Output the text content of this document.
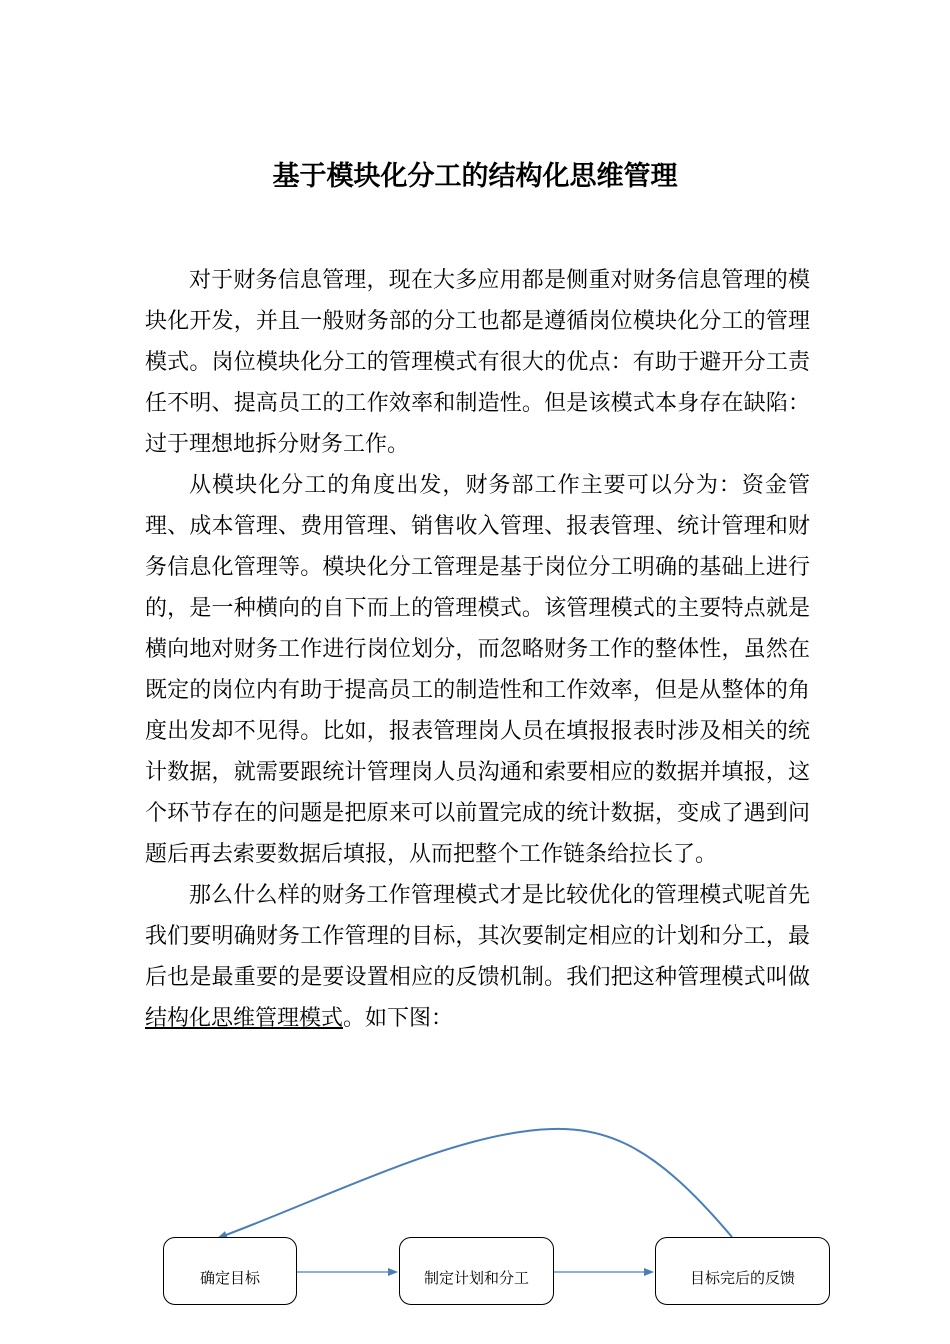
基于模块化分工的结构化思维管理

对于财务信息管理，现在大多应用都是侧重对财务信息管理的模块化开发，并且一般财务部的分工也都是遵循岗位模块化分工的管理模式。岗位模块化分工的管理模式有很大的优点：有助于避开分工责任不明、提高员工的工作效率和制造性。但是该模式本身存在缺陷：过于理想地拆分财务工作。

从模块化分工的角度出发，财务部工作主要可以分为：资金管理、成本管理、费用管理、销售收入管理、报表管理、统计管理和财务信息化管理等。模块化分工管理是基于岗位分工明确的基础上进行的，是一种横向的自下而上的管理模式。该管理模式的主要特点就是横向地对财务工作进行岗位划分，而忽略财务工作的整体性，虽然在既定的岗位内有助于提高员工的制造性和工作效率，但是从整体的角度出发却不见得。比如，报表管理岗人员在填报报表时涉及相关的统计数据，就需要跟统计管理岗人员沟通和索要相应的数据并填报，这个环节存在的问题是把原来可以前置完成的统计数据，变成了遇到问题后再去索要数据后填报，从而把整个工作链条给拉长了。

那么什么样的财务工作管理模式才是比较优化的管理模式呢首先我们要明确财务工作管理的目标，其次要制定相应的计划和分工，最后也是最重要的是要设置相应的反馈机制。我们把这种管理模式叫做结构化思维管理模式。如下图：

确定目标	制定计划和分工	目标完后的反馈
